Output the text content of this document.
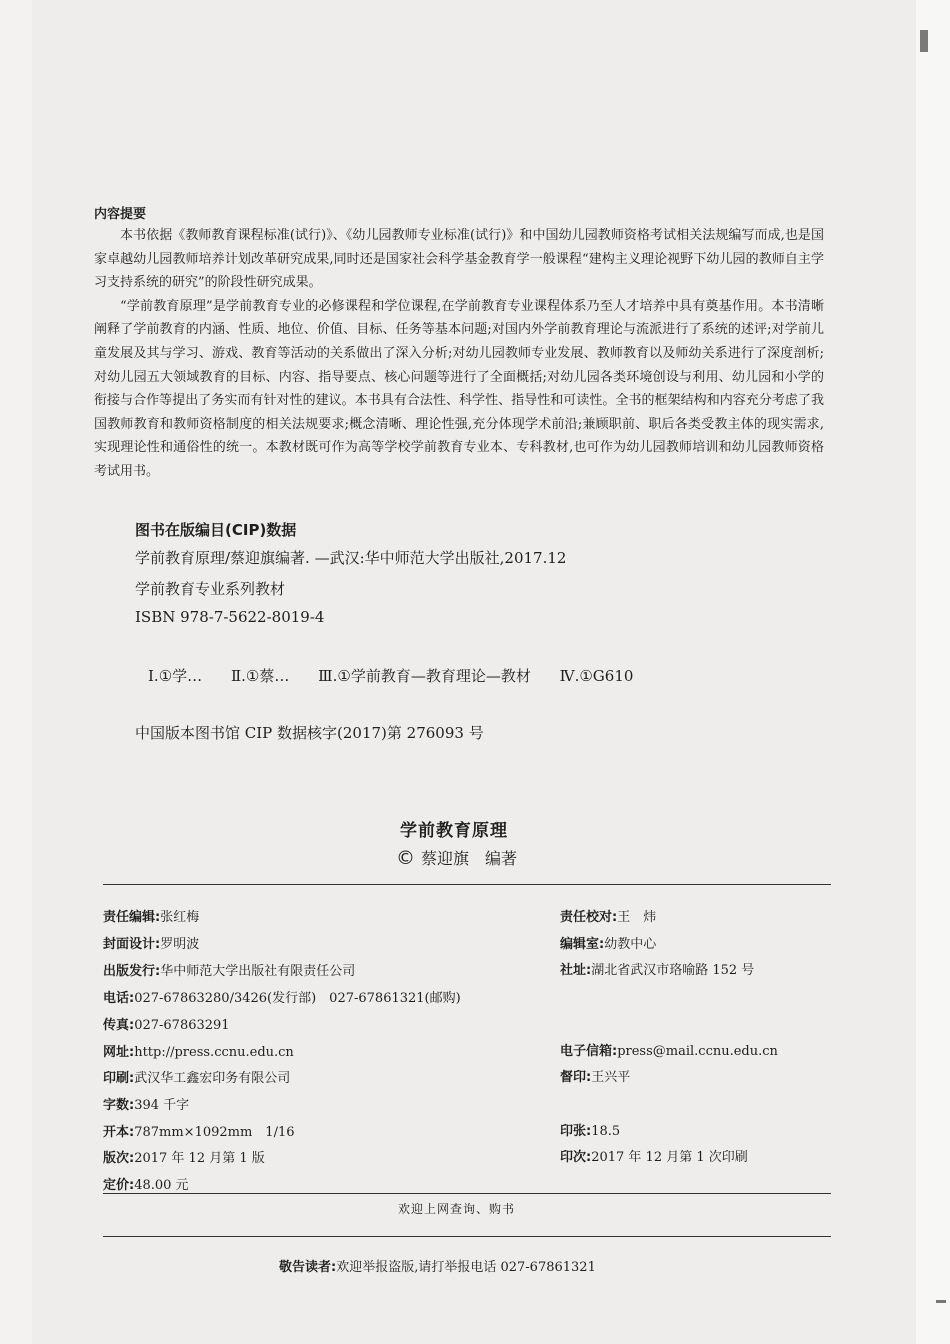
内容提要

本书依据《教师教育课程标准(试行)》、《幼儿园教师专业标准(试行)》和中国幼儿园教师资格考试相关法规编写而成,也是国家卓越幼儿园教师培养计划改革研究成果,同时还是国家社会科学基金教育学一般课程“建构主义理论视野下幼儿园的教师自主学习支持系统的研究”的阶段性研究成果。

“学前教育原理”是学前教育专业的必修课程和学位课程,在学前教育专业课程体系乃至人才培养中具有奠基作用。本书清晰阐释了学前教育的内涵、性质、地位、价值、目标、任务等基本问题;对国内外学前教育理论与流派进行了系统的述评;对学前儿童发展及其与学习、游戏、教育等活动的关系做出了深入分析;对幼儿园教师专业发展、教师教育以及师幼关系进行了深度剖析;对幼儿园五大领域教育的目标、内容、指导要点、核心问题等进行了全面概括;对幼儿园各类环境创设与利用、幼儿园和小学的衔接与合作等提出了务实而有针对性的建议。本书具有合法性、科学性、指导性和可读性。全书的框架结构和内容充分考虑了我国教师教育和教师资格制度的相关法规要求;概念清晰、理论性强,充分体现学术前沿;兼顾职前、职后各类受教主体的现实需求,实现理论性和通俗性的统一。本教材既可作为高等学校学前教育专业本、专科教材,也可作为幼儿园教师培训和幼儿园教师资格考试用书。

图书在版编目(CIP)数据
学前教育原理/蔡迎旗编著. —武汉:华中师范大学出版社,2017.12
学前教育专业系列教材
ISBN 978-7-5622-8019-4
Ⅰ.①学… Ⅱ.①蔡… Ⅲ.①学前教育—教育理论—教材 Ⅳ.①G610
中国版本图书馆 CIP 数据核字(2017)第 276093 号
学前教育原理
© 蔡迎旗　编著
责任编辑:张红梅
封面设计:罗明波
出版发行:华中师范大学出版社有限责任公司
电话:027-67863280/3426(发行部)　027-67861321(邮购)
传真:027-67863291
网址:http://press.ccnu.edu.cn
印刷:武汉华工鑫宏印务有限公司
字数:394 千字
开本:787mm×1092mm　1/16
版次:2017 年 12 月第 1 版
定价:48.00 元
责任校对:王　炜
编辑室:幼教中心
社址:湖北省武汉市珞喻路 152 号
电子信箱:press@mail.ccnu.edu.cn
督印:王兴平
印张:18.5
印次:2017 年 12 月第 1 次印刷
欢迎上网查询、购书
敬告读者:欢迎举报盗版,请打举报电话 027-67861321
